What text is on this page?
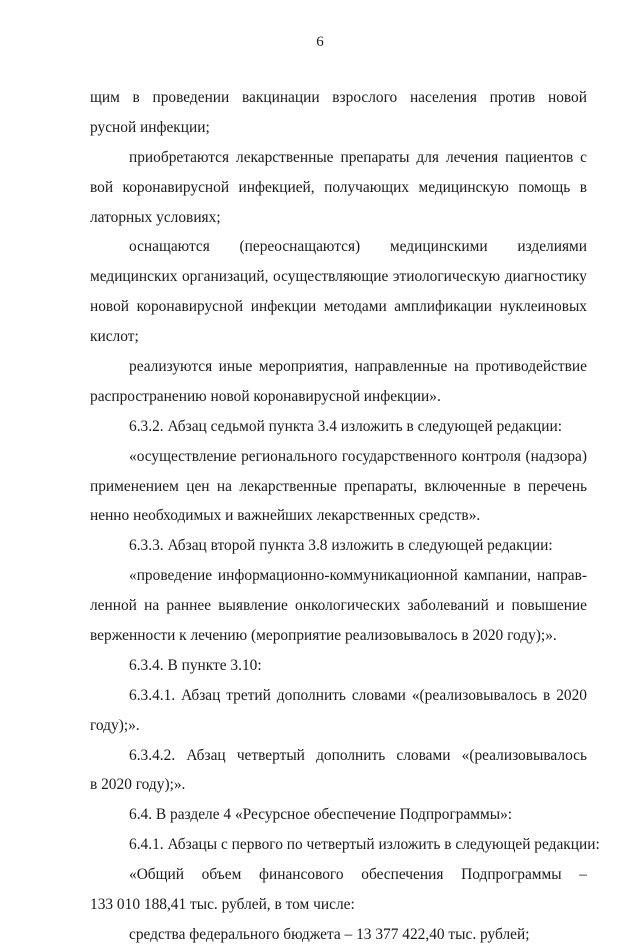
6
щим в проведении вакцинации взрослого населения против новой
русной инфекции;
приобретаются лекарственные препараты для лечения пациентов с
вой коронавирусной инфекцией, получающих медицинскую помощь в
латорных условиях;
оснащаются (переоснащаются) медицинскими изделиями
медицинских организаций, осуществляющие этиологическую диагностику
новой коронавирусной инфекции методами амплификации нуклеиновых
кислот;
реализуются иные мероприятия, направленные на противодействие
распространению новой коронавирусной инфекции».
6.3.2. Абзац седьмой пункта 3.4 изложить в следующей редакции:
«осуществление регионального государственного контроля (надзора)
применением цен на лекарственные препараты, включенные в перечень
ненно необходимых и важнейших лекарственных средств».
6.3.3. Абзац второй пункта 3.8 изложить в следующей редакции:
«проведение информационно-коммуникационной кампании, направ-
ленной на раннее выявление онкологических заболеваний и повышение
верженности к лечению (мероприятие реализовывалось в 2020 году);».
6.3.4. В пункте 3.10:
6.3.4.1. Абзац третий дополнить словами «(реализовывалось в 2020
году);».
6.3.4.2. Абзац четвертый дополнить словами «(реализовывалось
в 2020 году);».
6.4. В разделе 4 «Ресурсное обеспечение Подпрограммы»:
6.4.1. Абзацы с первого по четвертый изложить в следующей редакции:
«Общий объем финансового обеспечения Подпрограммы –
133 010 188,41 тыс. рублей, в том числе:
средства федерального бюджета – 13 377 422,40 тыс. рублей;
